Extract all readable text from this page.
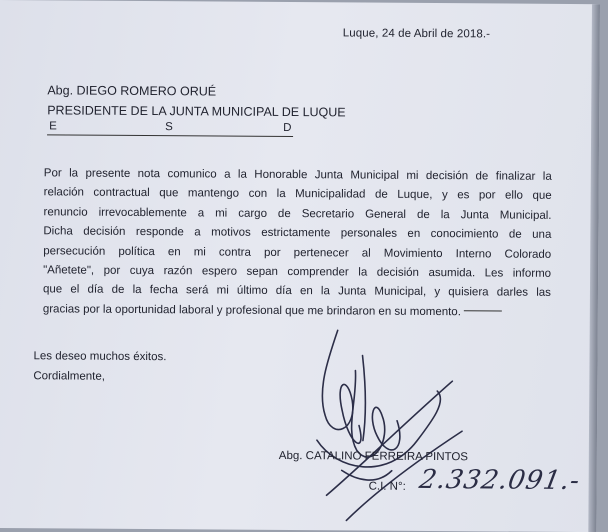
Luque, 24 de Abril de 2018.-
Abg. DIEGO ROMERO ORUÉ
PRESIDENTE DE LA JUNTA MUNICIPAL DE LUQUE
E	S	D
Por la presente nota comunico a la Honorable Junta Municipal mi decisión de finalizar la
relación contractual que mantengo con la Municipalidad de Luque, y es por ello que
renuncio irrevocablemente a mi cargo de Secretario General de la Junta Municipal.
Dicha decisión responde a motivos estrictamente personales en conocimiento de una
persecución política en mi contra por pertenecer al Movimiento Interno Colorado
"Añetete", por cuya razón espero sepan comprender la decisión asumida. Les informo
que el día de la fecha será mi último día en la Junta Municipal, y quisiera darles las
gracias por la oportunidad laboral y profesional que me brindaron en su momento.
Les deseo muchos éxitos.
Cordialmente,
Abg. CATALINO FERREIRA PINTOS
C.I. N°: 2.332.091.-
